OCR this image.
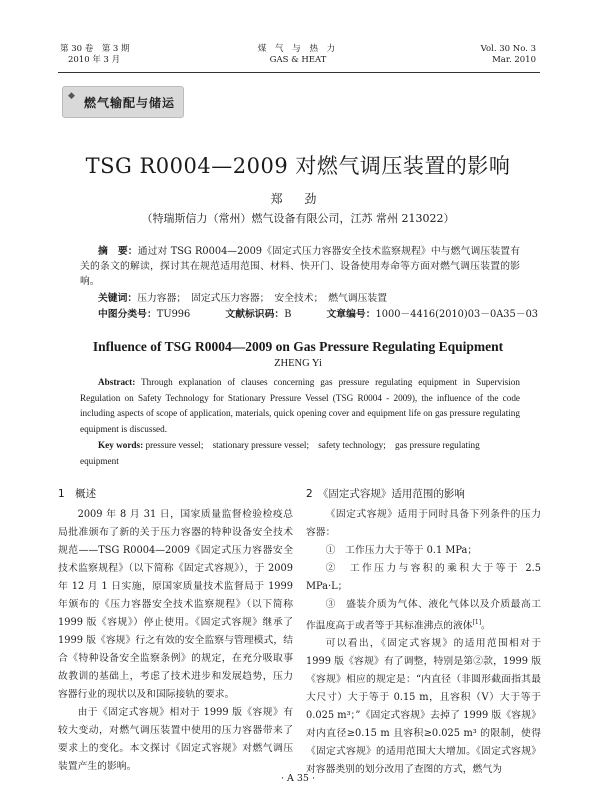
第 30 卷　第 3 期
2010 年 3 月
煤 气 与 热 力
GAS & HEAT
Vol. 30 No. 3
Mar. 2010
◆ 燃气输配与储运
TSG R0004—2009 对燃气调压装置的影响
郑 劲
（特瑞斯信力（常州）燃气设备有限公司，江苏 常州 213022）
摘　要：通过对 TSG R0004—2009《固定式压力容器安全技术监察规程》中与燃气调压装置有关的条文的解读，探讨其在规范适用范围、材料、快开门、设备使用寿命等方面对燃气调压装置的影响。
关键词：压力容器；　固定式压力容器；　安全技术；　燃气调压装置
中图分类号：TU996	文献标识码：B	文章编号：1000－4416(2010)03－0A35－03
Influence of TSG R0004—2009 on Gas Pressure Regulating Equipment
ZHENG Yi
Abstract: Through explanation of clauses concerning gas pressure regulating equipment in Supervision Regulation on Safety Technology for Stationary Pressure Vessel (TSG R0004 - 2009), the influence of the code including aspects of scope of application, materials, quick opening cover and equipment life on gas pressure regulating equipment is discussed.
Key words: pressure vessel;　stationary pressure vessel;　safety technology;　gas pressure regulating equipment
1　概述

2009 年 8 月 31 日，国家质量监督检验检疫总局批准颁布了新的关于压力容器的特种设备安全技术规范——TSG R0004—2009《固定式压力容器安全技术监察规程》（以下简称《固定式容规》），于 2009 年 12 月 1 日实施，原国家质量技术监督局于 1999 年颁布的《压力容器安全技术监察规程》（以下简称 1999 版《容规》）停止使用。《固定式容规》继承了 1999 版《容规》行之有效的安全监察与管理模式，结合《特种设备安全监察条例》的规定，在充分吸取事故教训的基础上，考虑了技术进步和发展趋势，压力容器行业的现状以及和国际接轨的要求。

由于《固定式容规》相对于 1999 版《容规》有较大变动，对燃气调压装置中使用的压力容器带来了要求上的变化。本文探讨《固定式容规》对燃气调压装置产生的影响。

2　《固定式容规》适用范围的影响

《固定式容规》适用于同时具备下列条件的压力容器：

①　工作压力大于等于 0.1 MPa；

②　工作压力与容积的乘积大于等于 2.5 MPa·L；

③　盛装介质为气体、液化气体以及介质最高工作温度高于或者等于其标准沸点的液体[1]。

可以看出，《固定式容规》的适用范围相对于 1999 版《容规》有了调整，特别是第②款，1999 版《容规》相应的规定是：“内直径（非圆形截面指其最大尺寸）大于等于 0.15 m，且容积（V）大于等于 0.025 m³；”《固定式容规》去掉了 1999 版《容规》对内直径≥0.15 m 且容积≥0.025 m³ 的限制，使得《固定式容规》的适用范围大大增加。《固定式容规》对容器类别的划分改用了查图的方式，燃气为

· A 35 ·
